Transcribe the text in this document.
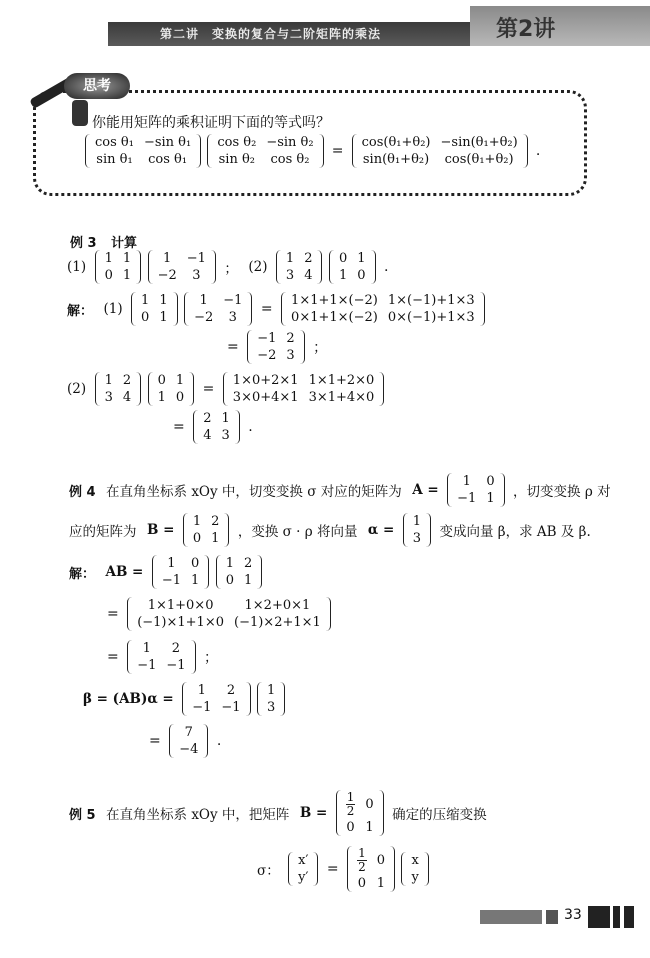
第二讲　变换的复合与二阶矩阵的乘法	第2讲
思考
你能用矩阵的乘积证明下面的等式吗？
cos θ₁	−sin θ₁
sin θ₁	cos θ₁

cos θ₂	−sin θ₂
sin θ₂	cos θ₂
=
cos(θ₁+θ₂)	−sin(θ₁+θ₂)
sin(θ₁+θ₂)	cos(θ₁+θ₂)
.
例 3 计算
(1)
1	1
0	1

1	−1
−2	3 ； (2)
1	2
3	4

0	1
1	0
.
解： (1)
1	1
0	1

1	−1
−2	3
=
1×1+1×(−2)	1×(−1)+1×3
0×1+1×(−2)	0×(−1)+1×3
=
−1	2
−2	3 ；
(2)
1	2
3	4

0	1
1	0
=
1×0+2×1	1×1+2×0
3×0+4×1	3×1+4×0
=
2	1
4	3
.
例 4 在直角坐标系 xOy 中，切变变换 σ 对应的矩阵为 A =
1	0
−1	1 ，切变变换 ρ 对
应的矩阵为 B =
1	2
0	1 ，变换 σ · ρ 将向量 α =
1
3 变成向量 β，求 AB 及 β.
解： AB =
1	0
−1	1

1	2
0	1
=
1×1+0×0	1×2+0×1
(−1)×1+1×0	(−1)×2+1×1
=
1	2
−1	−1 ；
β = (AB)α =
1	2
−1	−1

1
3
=
7
−4
.
例 5 在直角坐标系 xOy 中，把矩阵 $B = \frac{1}{2}$	0
0	1
确定的压缩变换
σ：
x′
y′
= $\frac{1}{2}$	0
0	1

x
y
33
